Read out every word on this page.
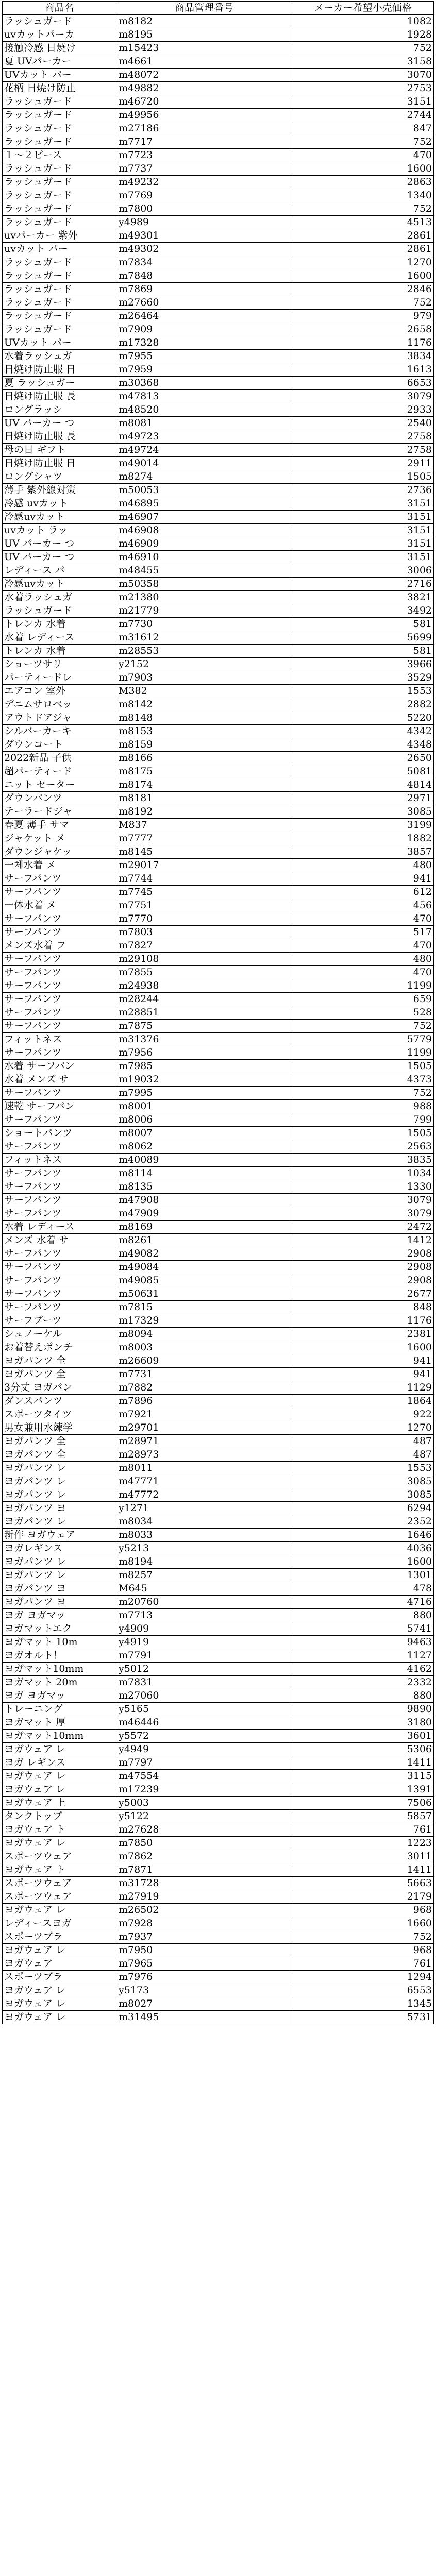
商品名	商品管理番号	メーカー希望小売価格
ラッシュガード	m8182	1082
uvカットパーカ	m8195	1928
接触冷感 日焼け	m15423	752
夏 UVパーカー	m4661	3158
UVカット パー	m48072	3070
花柄 日焼け防止	m49882	2753
ラッシュガード	m46720	3151
ラッシュガード	m49956	2744
ラッシュガード	m27186	847
ラッシュガード	m7717	752
１～２ピース	m7723	470
ラッシュガード	m7737	1600
ラッシュガード	m49232	2863
ラッシュガード	m7769	1340
ラッシュガード	m7800	752
ラッシュガード	y4989	4513
uvパーカー 紫外	m49301	2861
uvカット パー	m49302	2861
ラッシュガード	m7834	1270
ラッシュガード	m7848	1600
ラッシュガード	m7869	2846
ラッシュガード	m27660	752
ラッシュガード	m26464	979
ラッシュガード	m7909	2658
UVカット パー	m17328	1176
水着ラッシュガ	m7955	3834
日焼け防止服 日	m7959	1613
夏 ラッシュガー	m30368	6653
日焼け防止服 長	m47813	3079
ロングラッシ	m48520	2933
UV パーカー つ	m8081	2540
日焼け防止服 長	m49723	2758
母の日 ギフト	m49724	2758
日焼け防止服 日	m49014	2911
ロングシャツ	m8274	1505
薄手 紫外線対策	m50053	2736
冷感 uvカット	m46895	3151
冷感uvカット	m46907	3151
uvカット ラッ	m46908	3151
UV パーカー つ	m46909	3151
UV パーカー つ	m46910	3151
レディース パ	m48455	3006
冷感uvカット	m50358	2716
水着ラッシュガ	m21380	3821
ラッシュガード	m21779	3492
トレンカ 水着	m7730	581
水着 レディース	m31612	5699
トレンカ 水着	m28553	581
ショーツサリ	y2152	3966
パーティードレ	m7903	3529
エアコン 室外	M382	1553
デニムサロペッ	m8142	2882
アウトドアジャ	m8148	5220
シルバーカーキ	m8153	4342
ダウンコート	m8159	4348
2022新品 子供	m8166	2650
超パーティード	m8175	5081
ニット セーター	m8174	4814
ダウンパンツ	m8181	2971
テーラードジャ	m8192	3085
春夏 薄手 サマ	M837	3199
ジャケット メ	m7777	1882
ダウンジャケッ	m8145	3857
一체水着 メ	m29017	480
サーフパンツ	m7744	941
サーフパンツ	m7745	612
一体水着 メ	m7751	456
サーフパンツ	m7770	470
サーフパンツ	m7803	517
メンズ水着 フ	m7827	470
サーフパンツ	m29108	480
サーフパンツ	m7855	470
サーフパンツ	m24938	1199
サーフパンツ	m28244	659
サーフパンツ	m28851	528
サーフパンツ	m7875	752
フィットネス	m31376	5779
サーフパンツ	m7956	1199
水着 サーフパン	m7985	1505
水着 メンズ サ	m19032	4373
サーフパンツ	m7995	752
速乾 サーフパン	m8001	988
サーフパンツ	m8006	799
ショートパンツ	m8007	1505
サーフパンツ	m8062	2563
フィットネス	m40089	3835
サーフパンツ	m8114	1034
サーフパンツ	m8135	1330
サーフパンツ	m47908	3079
サーフパンツ	m47909	3079
水着 レディース	m8169	2472
メンズ 水着 サ	m8261	1412
サーフパンツ	m49082	2908
サーフパンツ	m49084	2908
サーフパンツ	m49085	2908
サーフパンツ	m50631	2677
サーフパンツ	m7815	848
サーフブーツ	m17329	1176
シュノーケル	m8094	2381
お着替えポンチ	m8003	1600
ヨガパンツ 全	m26609	941
ヨガパンツ 全	m7731	941
3分丈 ヨガパン	m7882	1129
ダンスパンツ	m7896	1864
スポーツタイツ	m7921	922
男女兼用水練学	m29701	1270
ヨガパンツ 全	m28971	487
ヨガパンツ 全	m28973	487
ヨガパンツ レ	m8011	1553
ヨガパンツ レ	m47771	3085
ヨガパンツ レ	m47772	3085
ヨガパンツ ヨ	y1271	6294
ヨガパンツ レ	m8034	2352
新作 ヨガウェア	m8033	1646
ヨガレギンス	y5213	4036
ヨガパンツ レ	m8194	1600
ヨガパンツ レ	m8257	1301
ヨガパンツ ヨ	M645	478
ヨガパンツ ヨ	m20760	4716
ヨガ ヨガマッ	m7713	880
ヨガマットエク	y4909	5741
ヨガマット 10m	y4919	9463
ヨガオルト！	m7791	1127
ヨガマット10mm	y5012	4162
ヨガマット 20m	m7831	2332
ヨガ ヨガマッ	m27060	880
トレーニング	y5165	9890
ヨガマット 厚	m46446	3180
ヨガマット10mm	y5572	3601
ヨガウェア レ	y4949	5306
ヨガ レギンス	m7797	1411
ヨガウェア レ	m47554	3115
ヨガウェア レ	m17239	1391
ヨガウェア 上	y5003	7506
タンクトップ	y5122	5857
ヨガウェア ト	m27628	761
ヨガウェア レ	m7850	1223
スポーツウェア	m7862	3011
ヨガウェア ト	m7871	1411
スポーツウェア	m31728	5663
スポーツウェア	m27919	2179
ヨガウェア レ	m26502	968
レディースヨガ	m7928	1660
スポーツブラ	m7937	752
ヨガウェア レ	m7950	968
ヨガウェア	m7965	761
スポーツブラ	m7976	1294
ヨガウェア レ	y5173	6553
ヨガウェア レ	m8027	1345
ヨガウェア レ	m31495	5731
